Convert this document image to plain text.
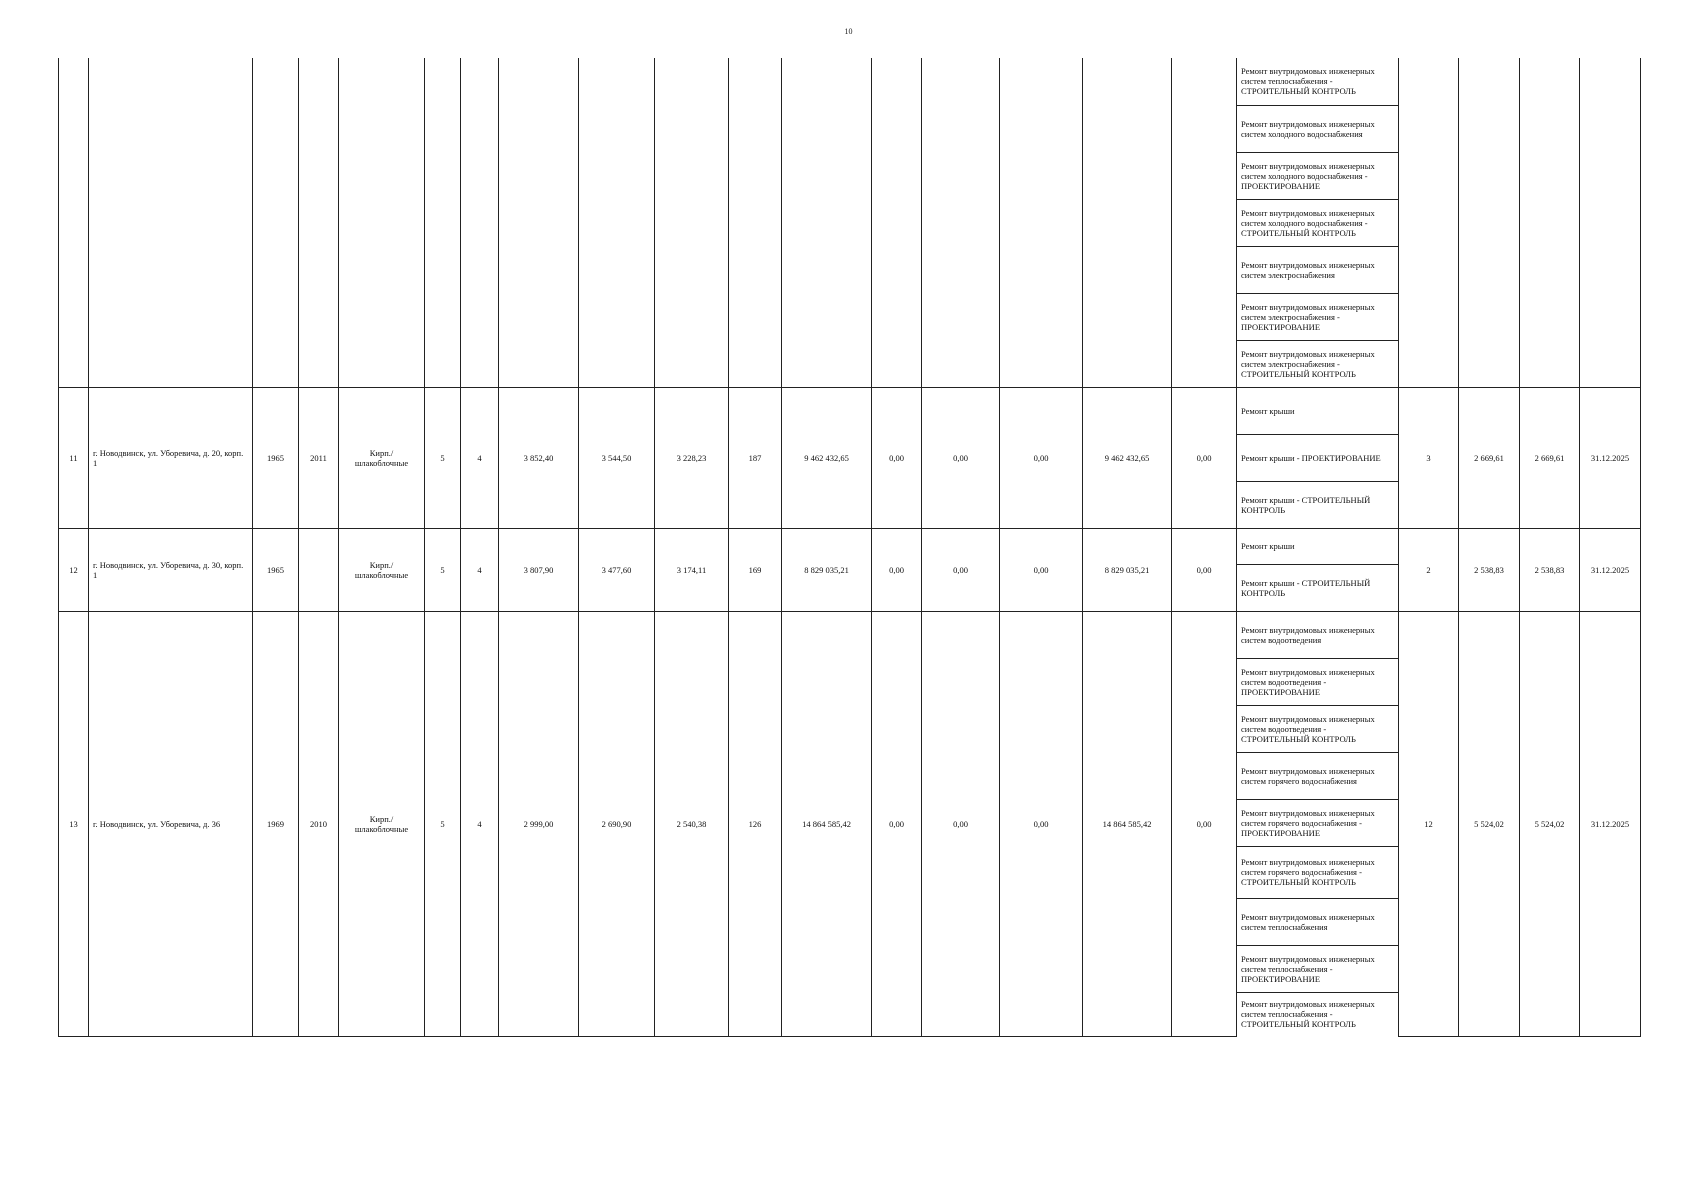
10
																	Ремонт внутридомовых инженерных систем теплоснабжения - СТРОИТЕЛЬНЫЙ КОНТРОЛЬ				
																	Ремонт внутридомовых инженерных систем холодного водоснабжения				
																	Ремонт внутридомовых инженерных систем холодного водоснабжения - ПРОЕКТИРОВАНИЕ				
																	Ремонт внутридомовых инженерных систем холодного водоснабжения - СТРОИТЕЛЬНЫЙ КОНТРОЛЬ				
																	Ремонт внутридомовых инженерных систем электроснабжения				
																	Ремонт внутридомовых инженерных систем электроснабжения - ПРОЕКТИРОВАНИЕ				
																	Ремонт внутридомовых инженерных систем электроснабжения - СТРОИТЕЛЬНЫЙ КОНТРОЛЬ				
11	г. Новодвинск, ул. Уборевича, д. 20, корп. 1	1965	2011	Кирп./ шлакоблочные	5	4	3 852,40	3 544,50	3 228,23	187	9 462 432,65	0,00	0,00	0,00	9 462 432,65	0,00	Ремонт крыши	3	2 669,61	2 669,61	31.12.2025
																	Ремонт крыши - ПРОЕКТИРОВАНИЕ				
																	Ремонт крыши - СТРОИТЕЛЬНЫЙ КОНТРОЛЬ				
12	г. Новодвинск, ул. Уборевича, д. 30, корп. 1	1965		Кирп./ шлакоблочные	5	4	3 807,90	3 477,60	3 174,11	169	8 829 035,21	0,00	0,00	0,00	8 829 035,21	0,00	Ремонт крыши	2	2 538,83	2 538,83	31.12.2025
																	Ремонт крыши - СТРОИТЕЛЬНЫЙ КОНТРОЛЬ				
13	г. Новодвинск, ул. Уборевича, д. 36	1969	2010	Кирп./ шлакоблочные	5	4	2 999,00	2 690,90	2 540,38	126	14 864 585,42	0,00	0,00	0,00	14 864 585,42	0,00	Ремонт внутридомовых инженерных систем водоотведения	12	5 524,02	5 524,02	31.12.2025
																	Ремонт внутридомовых инженерных систем водоотведения - ПРОЕКТИРОВАНИЕ				
																	Ремонт внутридомовых инженерных систем водоотведения - СТРОИТЕЛЬНЫЙ КОНТРОЛЬ				
																	Ремонт внутридомовых инженерных систем горячего водоснабжения				
																	Ремонт внутридомовых инженерных систем горячего водоснабжения - ПРОЕКТИРОВАНИЕ				
																	Ремонт внутридомовых инженерных систем горячего водоснабжения - СТРОИТЕЛЬНЫЙ КОНТРОЛЬ				
																	Ремонт внутридомовых инженерных систем теплоснабжения				
																	Ремонт внутридомовых инженерных систем теплоснабжения - ПРОЕКТИРОВАНИЕ				
																	Ремонт внутридомовых инженерных систем теплоснабжения - СТРОИТЕЛЬНЫЙ КОНТРОЛЬ				
